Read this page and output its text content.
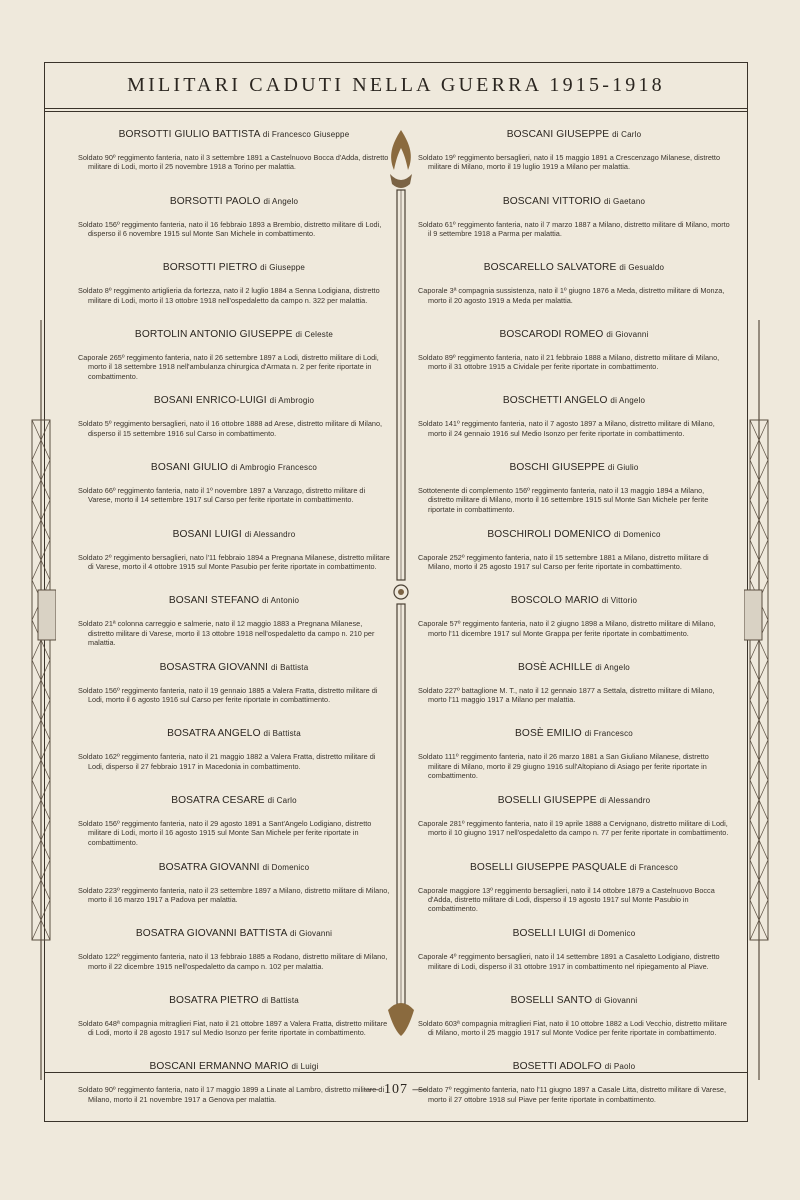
MILITARI CADUTI NELLA GUERRA 1915-1918
BORSOTTI GIULIO BATTISTA di Francesco Giuseppe
Soldato 90º reggimento fanteria, nato il 3 settembre 1891 a Castelnuovo Bocca d'Adda, distretto militare di Lodi, morto il 25 novembre 1918 a Torino per malattia.
BORSOTTI PAOLO di Angelo
Soldato 156º reggimento fanteria, nato il 16 febbraio 1893 a Brembio, distretto militare di Lodi, disperso il 6 novembre 1915 sul Monte San Michele in combattimento.
BORSOTTI PIETRO di Giuseppe
Soldato 8º reggimento artiglieria da fortezza, nato il 2 luglio 1884 a Senna Lodigiana, distretto militare di Lodi, morto il 13 ottobre 1918 nell'ospedaletto da campo n. 322 per malattia.
BORTOLIN ANTONIO GIUSEPPE di Celeste
Caporale 265º reggimento fanteria, nato il 26 settembre 1897 a Lodi, distretto militare di Lodi, morto il 18 settembre 1918 nell'ambulanza chirurgica d'Armata n. 2 per ferite riportate in combattimento.
BOSANI ENRICO-LUIGI di Ambrogio
Soldato 5º reggimento bersaglieri, nato il 16 ottobre 1888 ad Arese, distretto militare di Milano, disperso il 15 settembre 1916 sul Carso in combattimento.
BOSANI GIULIO di Ambrogio Francesco
Soldato 66º reggimento fanteria, nato il 1º novembre 1897 a Vanzago, distretto militare di Varese, morto il 14 settembre 1917 sul Carso per ferite riportate in combattimento.
BOSANI LUIGI di Alessandro
Soldato 2º reggimento bersaglieri, nato l'11 febbraio 1894 a Pregnana Milanese, distretto militare di Varese, morto il 4 ottobre 1915 sul Monte Pasubio per ferite riportate in combattimento.
BOSANI STEFANO di Antonio
Soldato 21ª colonna carreggio e salmerie, nato il 12 maggio 1883 a Pregnana Milanese, distretto militare di Varese, morto il 13 ottobre 1918 nell'ospedaletto da campo n. 210 per malattia.
BOSASTRA GIOVANNI di Battista
Soldato 156º reggimento fanteria, nato il 19 gennaio 1885 a Valera Fratta, distretto militare di Lodi, morto il 6 agosto 1916 sul Carso per ferite riportate in combattimento.
BOSATRA ANGELO di Battista
Soldato 162º reggimento fanteria, nato il 21 maggio 1882 a Valera Fratta, distretto militare di Lodi, disperso il 27 febbraio 1917 in Macedonia in combattimento.
BOSATRA CESARE di Carlo
Soldato 156º reggimento fanteria, nato il 29 agosto 1891 a Sant'Angelo Lodigiano, distretto militare di Lodi, morto il 16 agosto 1915 sul Monte San Michele per ferite riportate in combattimento.
BOSATRA GIOVANNI di Domenico
Soldato 223º reggimento fanteria, nato il 23 settembre 1897 a Milano, distretto militare di Milano, morto il 16 marzo 1917 a Padova per malattia.
BOSATRA GIOVANNI BATTISTA di Giovanni
Soldato 122º reggimento fanteria, nato il 13 febbraio 1885 a Rodano, distretto militare di Milano, morto il 22 dicembre 1915 nell'ospedaletto da campo n. 102 per malattia.
BOSATRA PIETRO di Battista
Soldato 648ª compagnia mitraglieri Fiat, nato il 21 ottobre 1897 a Valera Fratta, distretto militare di Lodi, morto il 28 agosto 1917 sul Medio Isonzo per ferite riportate in combattimento.
BOSCANI ERMANNO MARIO di Luigi
Soldato 90º reggimento fanteria, nato il 17 maggio 1899 a Linate al Lambro, distretto militare di Milano, morto il 21 novembre 1917 a Genova per malattia.
BOSCANI GIUSEPPE di Carlo
Soldato 19º reggimento bersaglieri, nato il 15 maggio 1891 a Crescenzago Milanese, distretto militare di Milano, morto il 19 luglio 1919 a Milano per malattia.
BOSCANI VITTORIO di Gaetano
Soldato 61º reggimento fanteria, nato il 7 marzo 1887 a Milano, distretto militare di Milano, morto il 9 settembre 1918 a Parma per malattia.
BOSCARELLO SALVATORE di Gesualdo
Caporale 3ª compagnia sussistenza, nato il 1º giugno 1876 a Meda, distretto militare di Monza, morto il 20 agosto 1919 a Meda per malattia.
BOSCARODI ROMEO di Giovanni
Soldato 89º reggimento fanteria, nato il 21 febbraio 1888 a Milano, distretto militare di Milano, morto il 31 ottobre 1915 a Cividale per ferite riportate in combattimento.
BOSCHETTI ANGELO di Angelo
Soldato 141º reggimento fanteria, nato il 7 agosto 1897 a Milano, distretto militare di Milano, morto il 24 gennaio 1916 sul Medio Isonzo per ferite riportate in combattimento.
BOSCHI GIUSEPPE di Giulio
Sottotenente di complemento 156º reggimento fanteria, nato il 13 maggio 1894 a Milano, distretto militare di Milano, morto il 16 settembre 1915 sul Monte San Michele per ferite riportate in combattimento.
BOSCHIROLI DOMENICO di Domenico
Caporale 252º reggimento fanteria, nato il 15 settembre 1881 a Milano, distretto militare di Milano, morto il 25 agosto 1917 sul Carso per ferite riportate in combattimento.
BOSCOLO MARIO di Vittorio
Caporale 57º reggimento fanteria, nato il 2 giugno 1898 a Milano, distretto militare di Milano, morto l'11 dicembre 1917 sul Monte Grappa per ferite riportate in combattimento.
BOSÈ ACHILLE di Angelo
Soldato 227º battaglione M. T., nato il 12 gennaio 1877 a Settala, distretto militare di Milano, morto l'11 maggio 1917 a Milano per malattia.
BOSÈ EMILIO di Francesco
Soldato 111º reggimento fanteria, nato il 26 marzo 1881 a San Giuliano Milanese, distretto militare di Milano, morto il 29 giugno 1916 sull'Altopiano di Asiago per ferite riportate in combattimento.
BOSELLI GIUSEPPE di Alessandro
Caporale 281º reggimento fanteria, nato il 19 aprile 1888 a Cervignano, distretto militare di Lodi, morto il 10 giugno 1917 nell'ospedaletto da campo n. 77 per ferite riportate in combattimento.
BOSELLI GIUSEPPE PASQUALE di Francesco
Caporale maggiore 13º reggimento bersaglieri, nato il 14 ottobre 1879 a Castelnuovo Bocca d'Adda, distretto militare di Lodi, disperso il 19 agosto 1917 sul Monte Pasubio in combattimento.
BOSELLI LUIGI di Domenico
Caporale 4º reggimento bersaglieri, nato il 14 settembre 1891 a Casaletto Lodigiano, distretto militare di Lodi, disperso il 31 ottobre 1917 in combattimento nel ripiegamento al Piave.
BOSELLI SANTO di Giovanni
Soldato 603ª compagnia mitraglieri Fiat, nato il 10 ottobre 1882 a Lodi Vecchio, distretto militare di Milano, morto il 25 maggio 1917 sul Monte Vodice per ferite riportate in combattimento.
BOSETTI ADOLFO di Paolo
Soldato 7º reggimento fanteria, nato l'11 giugno 1897 a Casale Litta, distretto militare di Varese, morto il 27 ottobre 1918 sul Piave per ferite riportate in combattimento.
— 107 —
